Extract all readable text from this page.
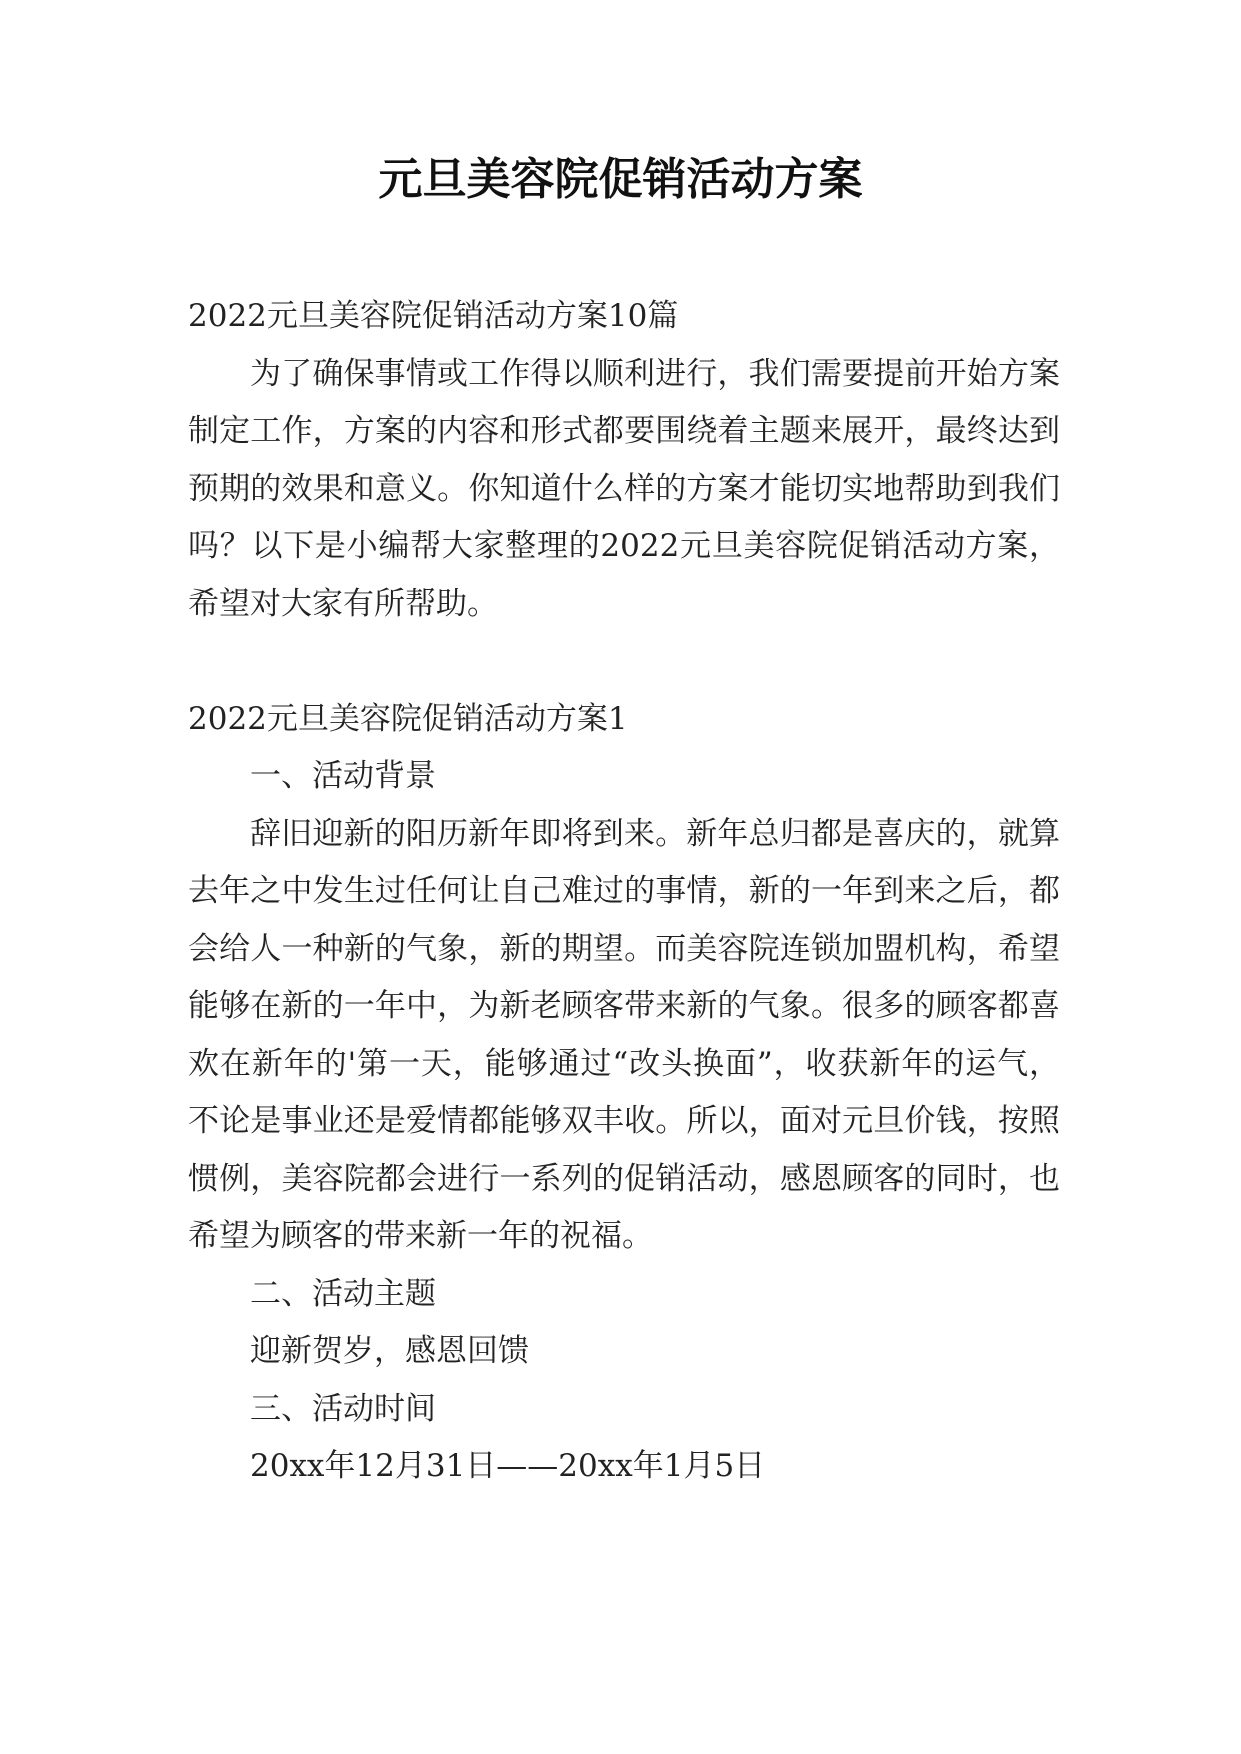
元旦美容院促销活动方案

2022元旦美容院促销活动方案10篇

为了确保事情或工作得以顺利进行，我们需要提前开始方案制定工作，方案的内容和形式都要围绕着主题来展开，最终达到预期的效果和意义。你知道什么样的方案才能切实地帮助到我们吗？以下是小编帮大家整理的2022元旦美容院促销活动方案，希望对大家有所帮助。

2022元旦美容院促销活动方案1

一、活动背景

辞旧迎新的阳历新年即将到来。新年总归都是喜庆的，就算去年之中发生过任何让自己难过的事情，新的一年到来之后，都会给人一种新的气象，新的期望。而美容院连锁加盟机构，希望能够在新的一年中，为新老顾客带来新的气象。很多的顾客都喜欢在新年的'第一天，能够通过“改头换面”，收获新年的运气，不论是事业还是爱情都能够双丰收。所以，面对元旦价钱，按照惯例，美容院都会进行一系列的促销活动，感恩顾客的同时，也希望为顾客的带来新一年的祝福。

二、活动主题

迎新贺岁，感恩回馈

三、活动时间

20xx年12月31日——20xx年1月5日
